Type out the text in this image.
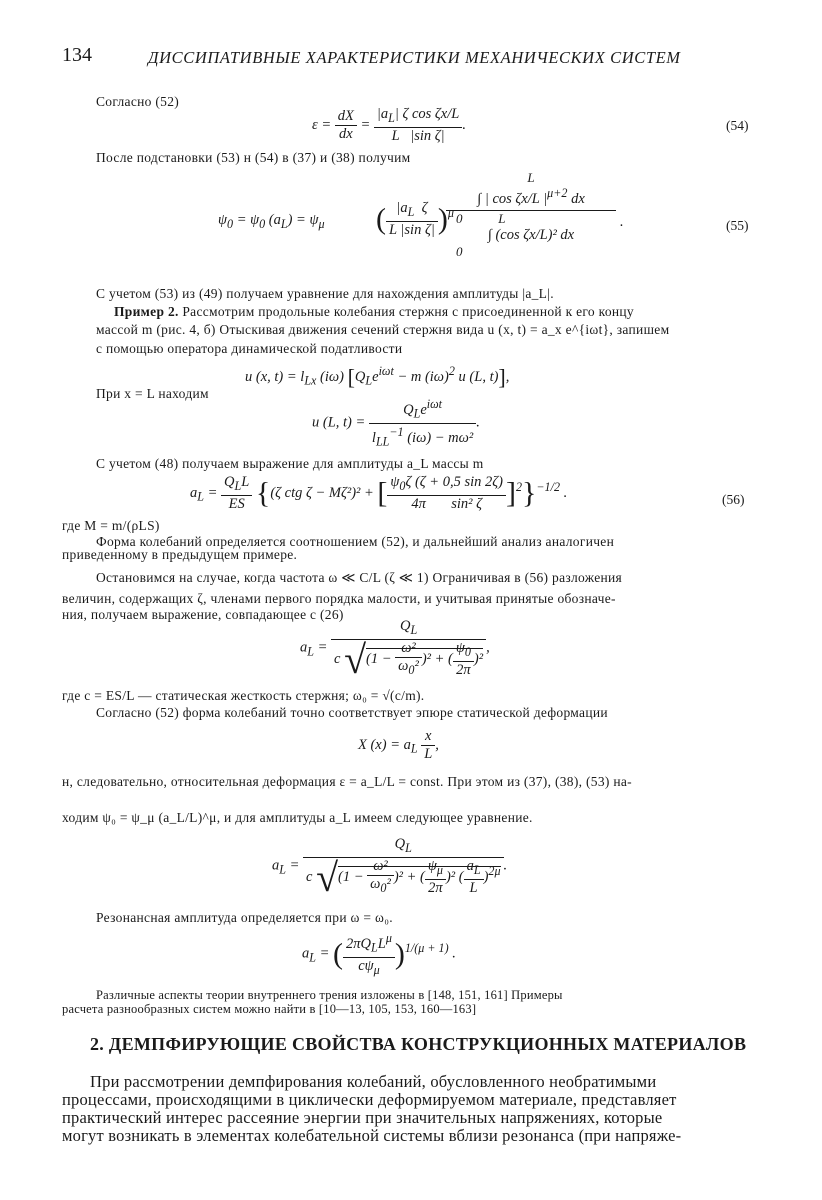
134	ДИССИПАТИВНЫЕ ХАРАКТЕРИСТИКИ МЕХАНИЧЕСКИХ СИСТЕМ
Согласно (52)
$\varepsilon = \frac{dX}{dx} = \frac{|a_L| \zeta \cos \zeta x/L}{\text{L   |sin ζ|}}$ .	(54)
После подстановки (53) н (54) в (37) и (38) получим
$\psi_0 = \psi_0$ $(a_L) = \psi_\mu$ ( $\frac{|a_L \zeta}{\text{L |sin ζ|}} )^\mu$
L
∫ | cos ζx/L $|^{\mu+2}$ dx
0           L
∫ (cos ζx/L)² dx
0
.	(55)
С учетом (53) из (49) получаем уравнение для нахождения амплитуды |a_L|.
Пример 2. Рассмотрим продольные колебания стержня с присоединенной к его концу
массой m (рис. 4, б) Отыскивая движения сечений стержня вида u (x, t) = a_x e^{iωt}, запишем
с помощью оператора динамической податливости
u (x, $t) = l_{Lx}$ (iω) [$Q_Le^{i\omega t} - m$ $(i\omega)^2$ u (L, t)],
При x = L находим
u (L, $t) = \frac{Q_Le^{i\omega t}}{l_{LL}^{-1} (i\omega) - m\omega^2}$ .
С учетом (48) получаем выражение для амплитуды a_L массы m
$a_L = \frac{Q_LL}{ES} \{(\zeta$ ctg ζ − Mζ²)² + [ $\frac{\psi_0\zeta (\zeta + 0,5 \sin 2\zeta)}{\text{4π       sin² ζ}} ]^2\}^{-1/2}$ .	(56)
где M = m/(ρLS)
Форма колебаний определяется соотношением (52), и дальнейший анализ аналогичен
приведенному в предыдущем примере.
Остановимся на случае, когда частота ω ≪ C/L (ζ ≪ 1) Ограничивая в (56) разложения
величин, содержащих ζ, членами первого порядка малости, и учитывая принятые обозначе-
ния, получаем выражение, совпадающее с (26)
$a_L = \frac{Q_L}{c √(1 - \frac{\text{ω²}}{\omega_0^2} )^2 + ( \frac{\psi_0}{2\pi} )^2}$ ,
где c = ES/L — статическая жесткость стержня; ω₀ = √(c/m).
Согласно (52) форма колебаний точно соответствует эпюре статической деформации
X $(x) = a_L \frac{x}{L}$ ,
н, следовательно, относительная деформация ε = a_L/L = const. При этом из (37), (38), (53) на-
ходим ψ₀ = ψ_μ (a_L/L)^μ, и для амплитуды a_L имеем следующее уравнение.
$a_L = \frac{Q_L}{c √(1 - \frac{\text{ω²}}{\omega_0^2} )^2 + ( \frac{\psi_\mu}{2\pi} )^2 ( \frac{a_L}{L} )^{2\mu}}$ .
Резонансная амплитуда определяется при ω = ω₀.
$a_L$ = ( $\frac{2\pi Q_LL^\mu}{c\psi_\mu} )^{1/(\mu + 1)}$ .
Различные аспекты теории внутреннего трения изложены в [148, 151, 161] Примеры
расчета разнообразных систем можно найти в [10—13, 105, 153, 160—163]
2. ДЕМПФИРУЮЩИЕ СВОЙСТВА КОНСТРУКЦИОННЫХ МАТЕРИАЛОВ
При рассмотрении демпфирования колебаний, обусловленного необратимыми
процессами, происходящими в циклически деформируемом материале, представляет
практический интерес рассеяние энергии при значительных напряжениях, которые
могут возникать в элементах колебательной системы вблизи резонанса (при напряже-
